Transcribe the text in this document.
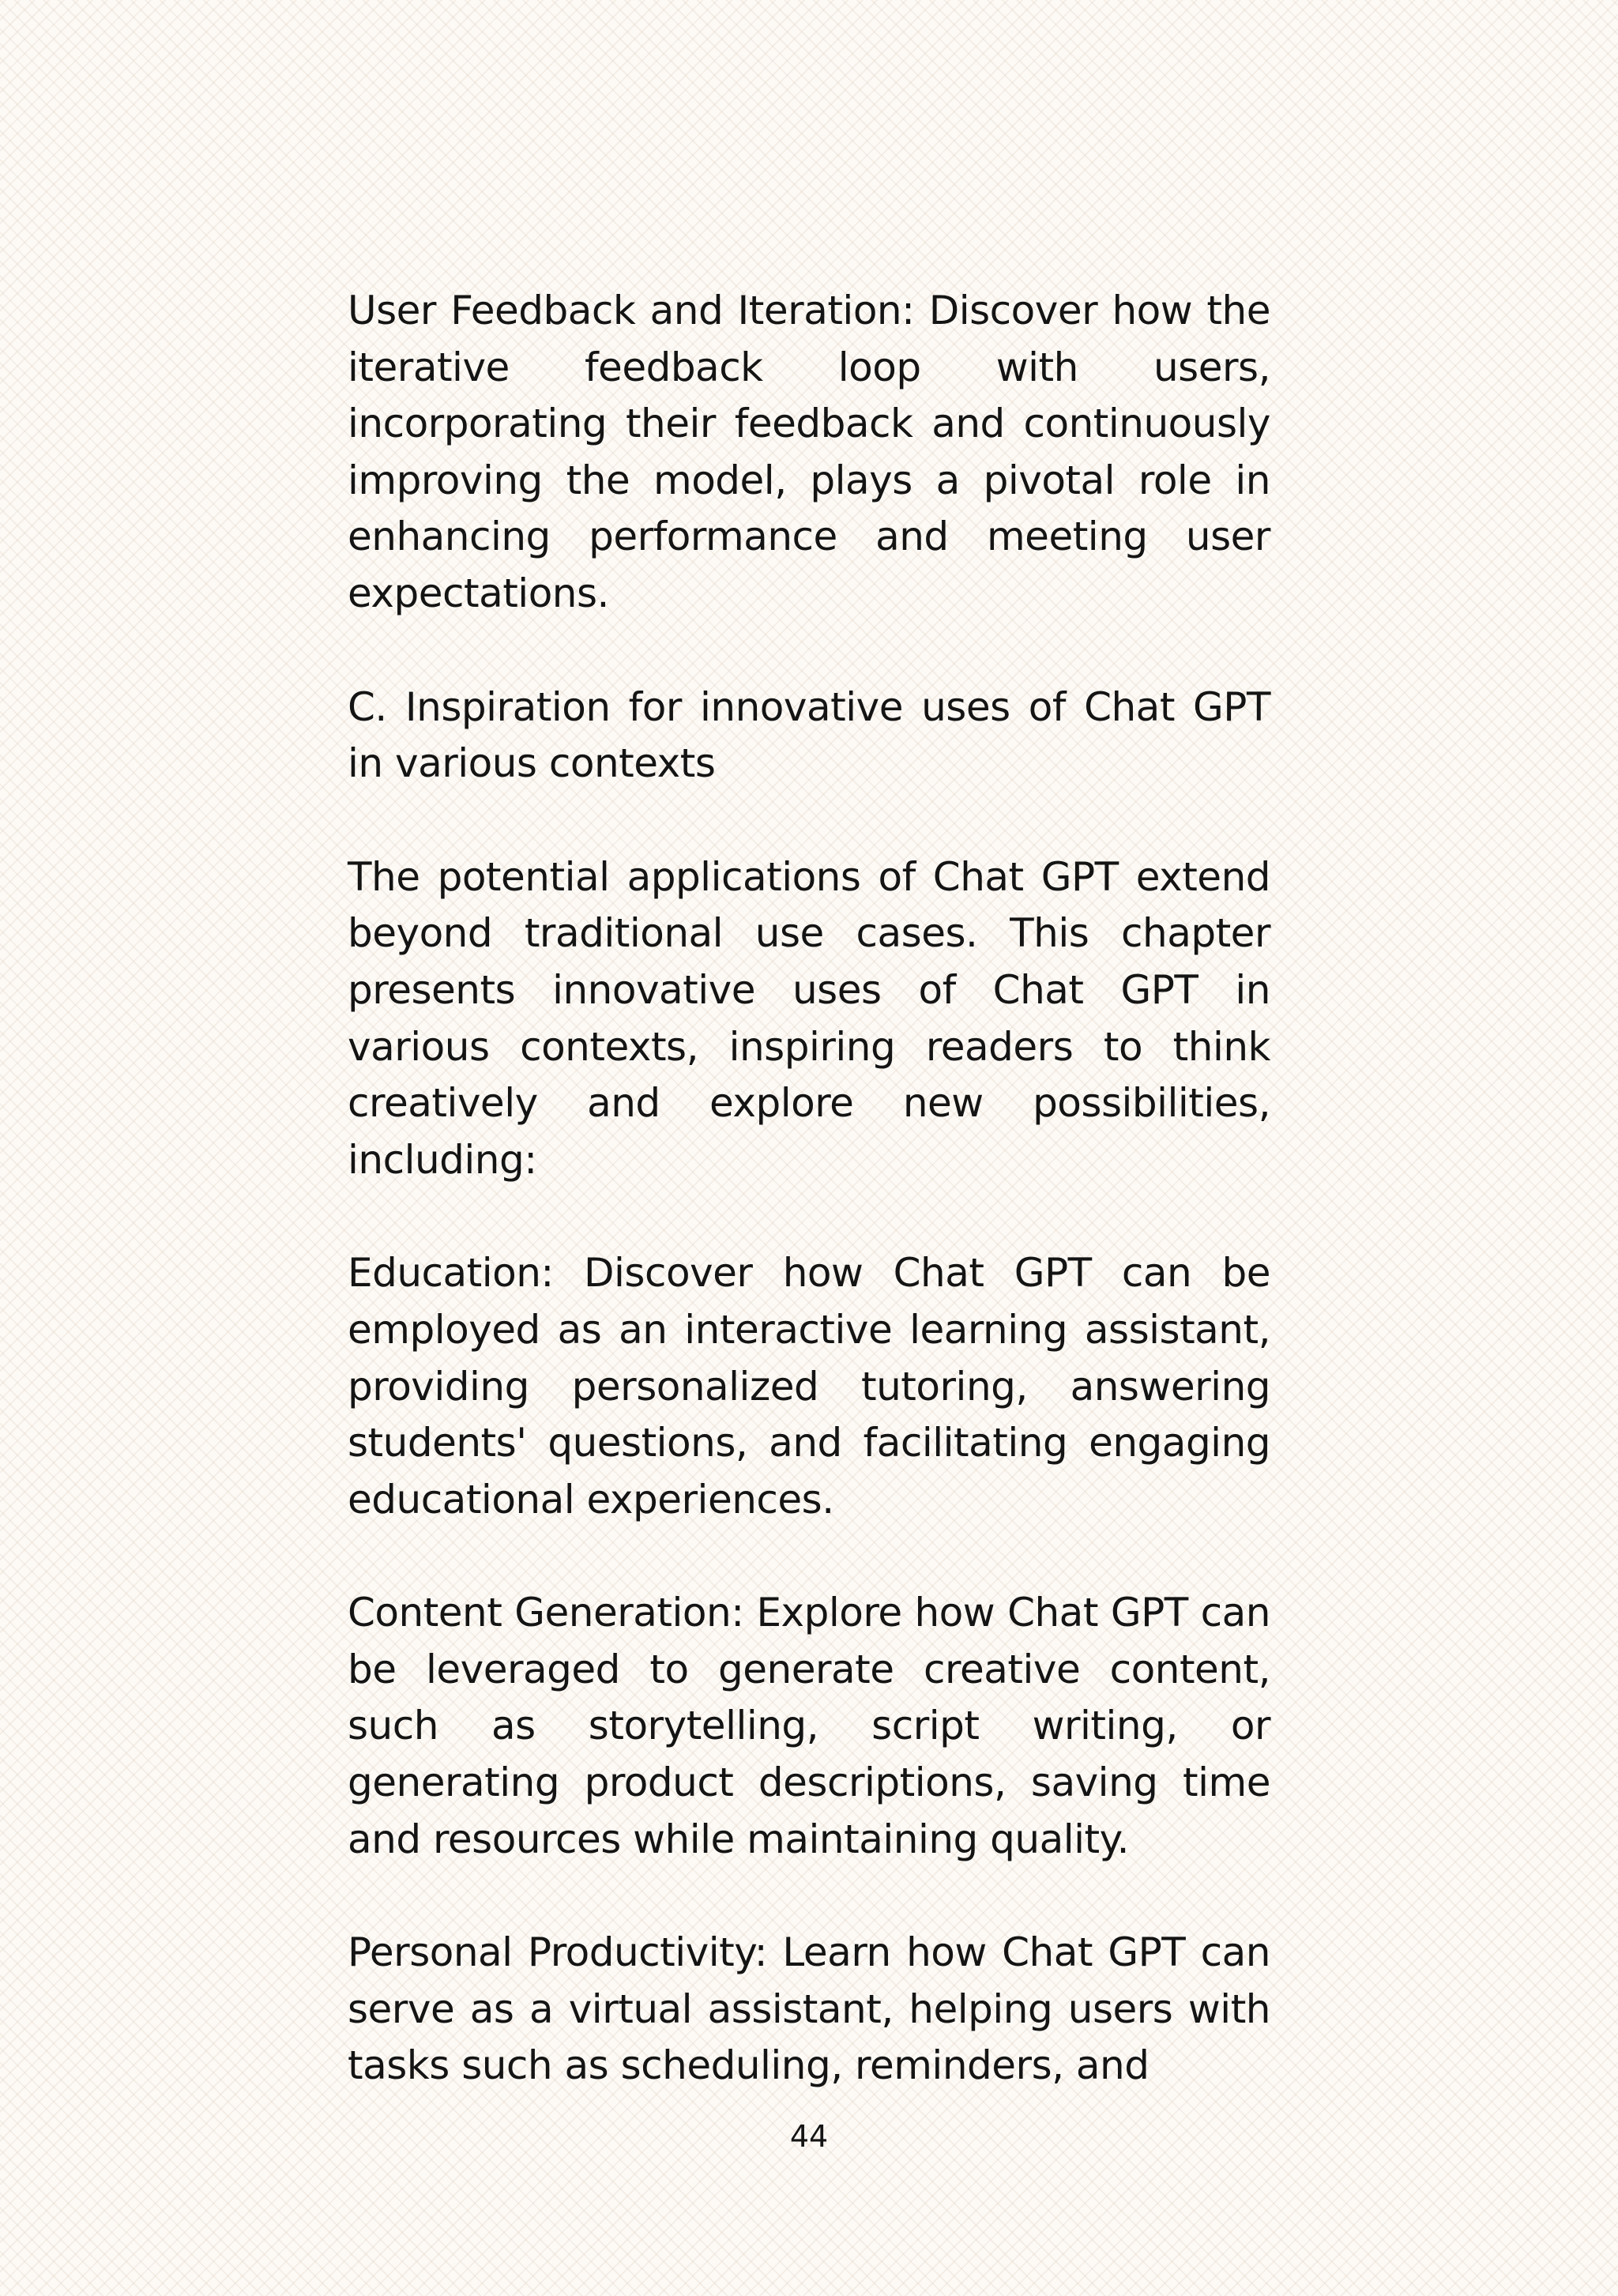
User Feedback and Iteration: Discover how the iterative feedback loop with users, incorporating their feedback and continuously improving the model, plays a pivotal role in enhancing performance and meeting user expectations.

C. Inspiration for innovative uses of Chat GPT in various contexts

The potential applications of Chat GPT extend beyond traditional use cases. This chapter presents innovative uses of Chat GPT in various contexts, inspiring readers to think creatively and explore new possibilities, including:

Education: Discover how Chat GPT can be employed as an interactive learning assistant, providing personalized tutoring, answering students' questions, and facilitating engaging educational experiences.

Content Generation: Explore how Chat GPT can be leveraged to generate creative content, such as storytelling, script writing, or generating product descriptions, saving time and resources while maintaining quality.

Personal Productivity: Learn how Chat GPT can serve as a virtual assistant, helping users with tasks such as scheduling, reminders, and

44
